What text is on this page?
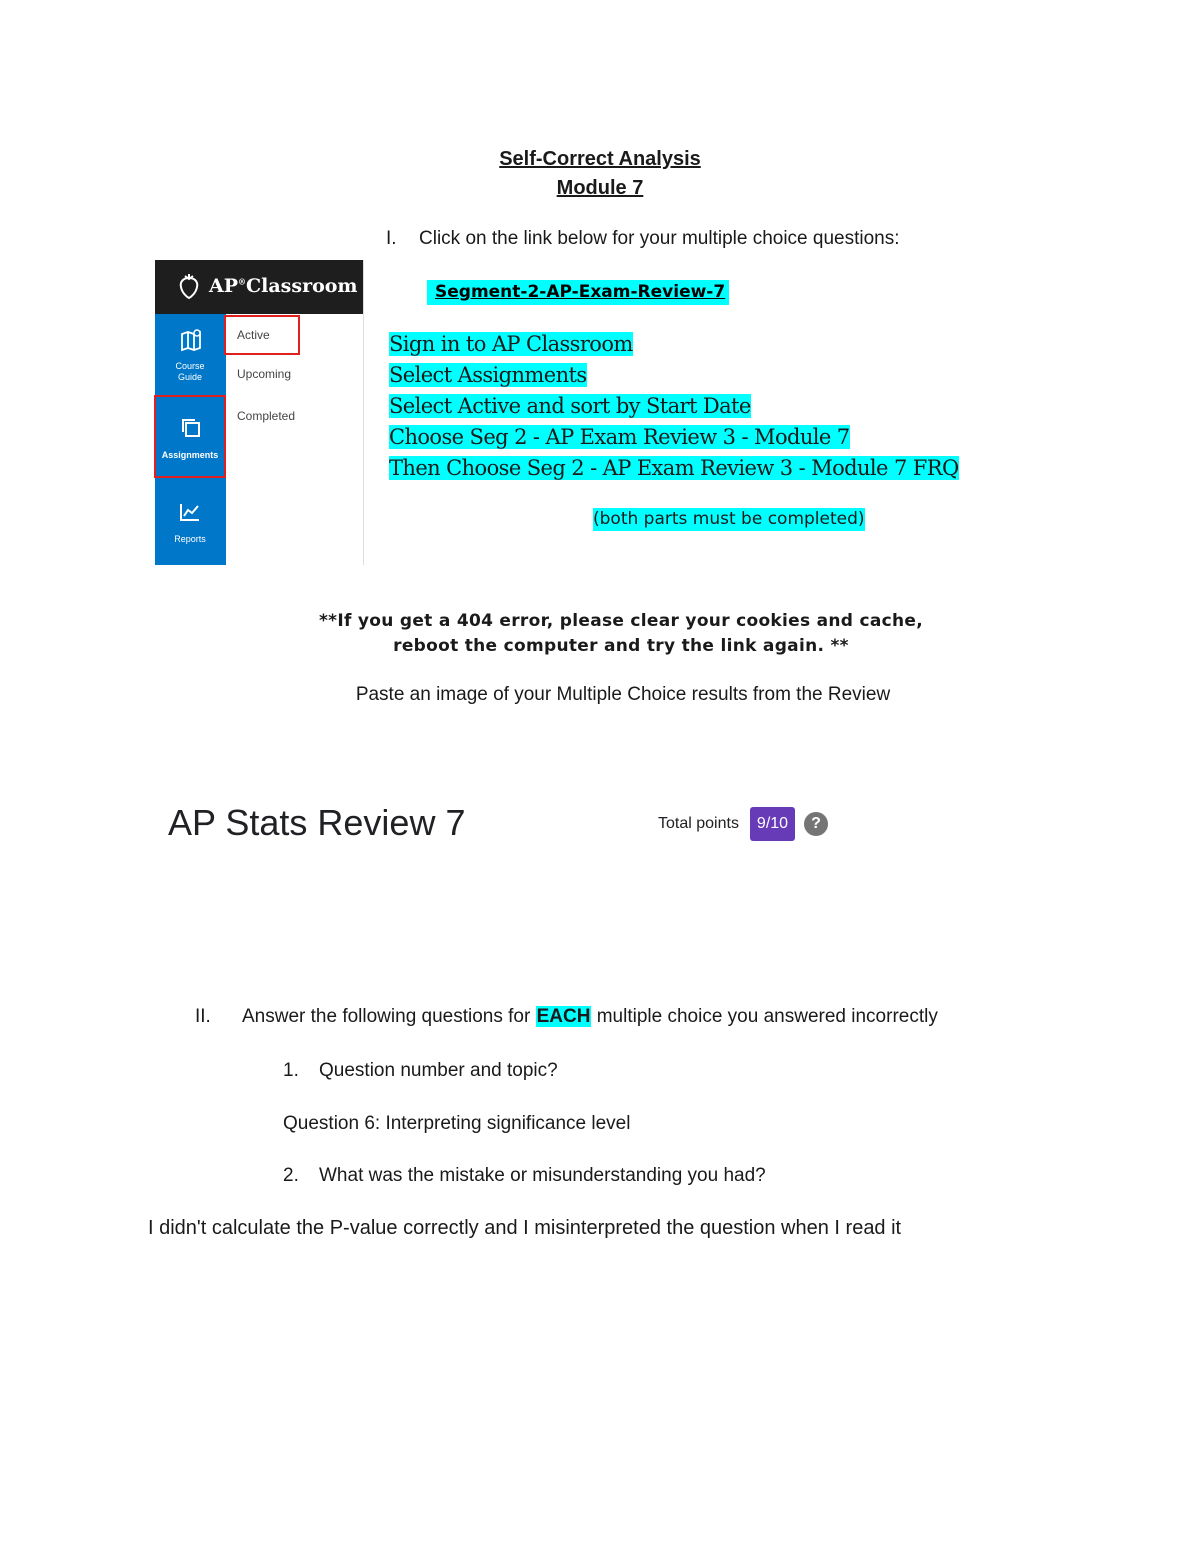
Self-Correct Analysis
Module 7
I. Click on the link below for your multiple choice questions:
AP®Classroom
Course
Guide
Assignments
Reports
Active
Upcoming
Completed
Segment-2-AP-Exam-Review-7
Sign in to AP Classroom
Select Assignments
Select Active and sort by Start Date
Choose Seg 2 - AP Exam Review 3 - Module 7
Then Choose Seg 2 - AP Exam Review 3 - Module 7 FRQ
(both parts must be completed)
**If you get a 404 error, please clear your cookies and cache,
reboot the computer and try the link again. **
Paste an image of your Multiple Choice results from the Review
AP Stats Review 7	Total points	9/10	?
II. Answer the following questions for EACH multiple choice you answered incorrectly
1. Question number and topic?
Question 6: Interpreting significance level
2. What was the mistake or misunderstanding you had?
I didn't calculate the P-value correctly and I misinterpreted the question when I read it
